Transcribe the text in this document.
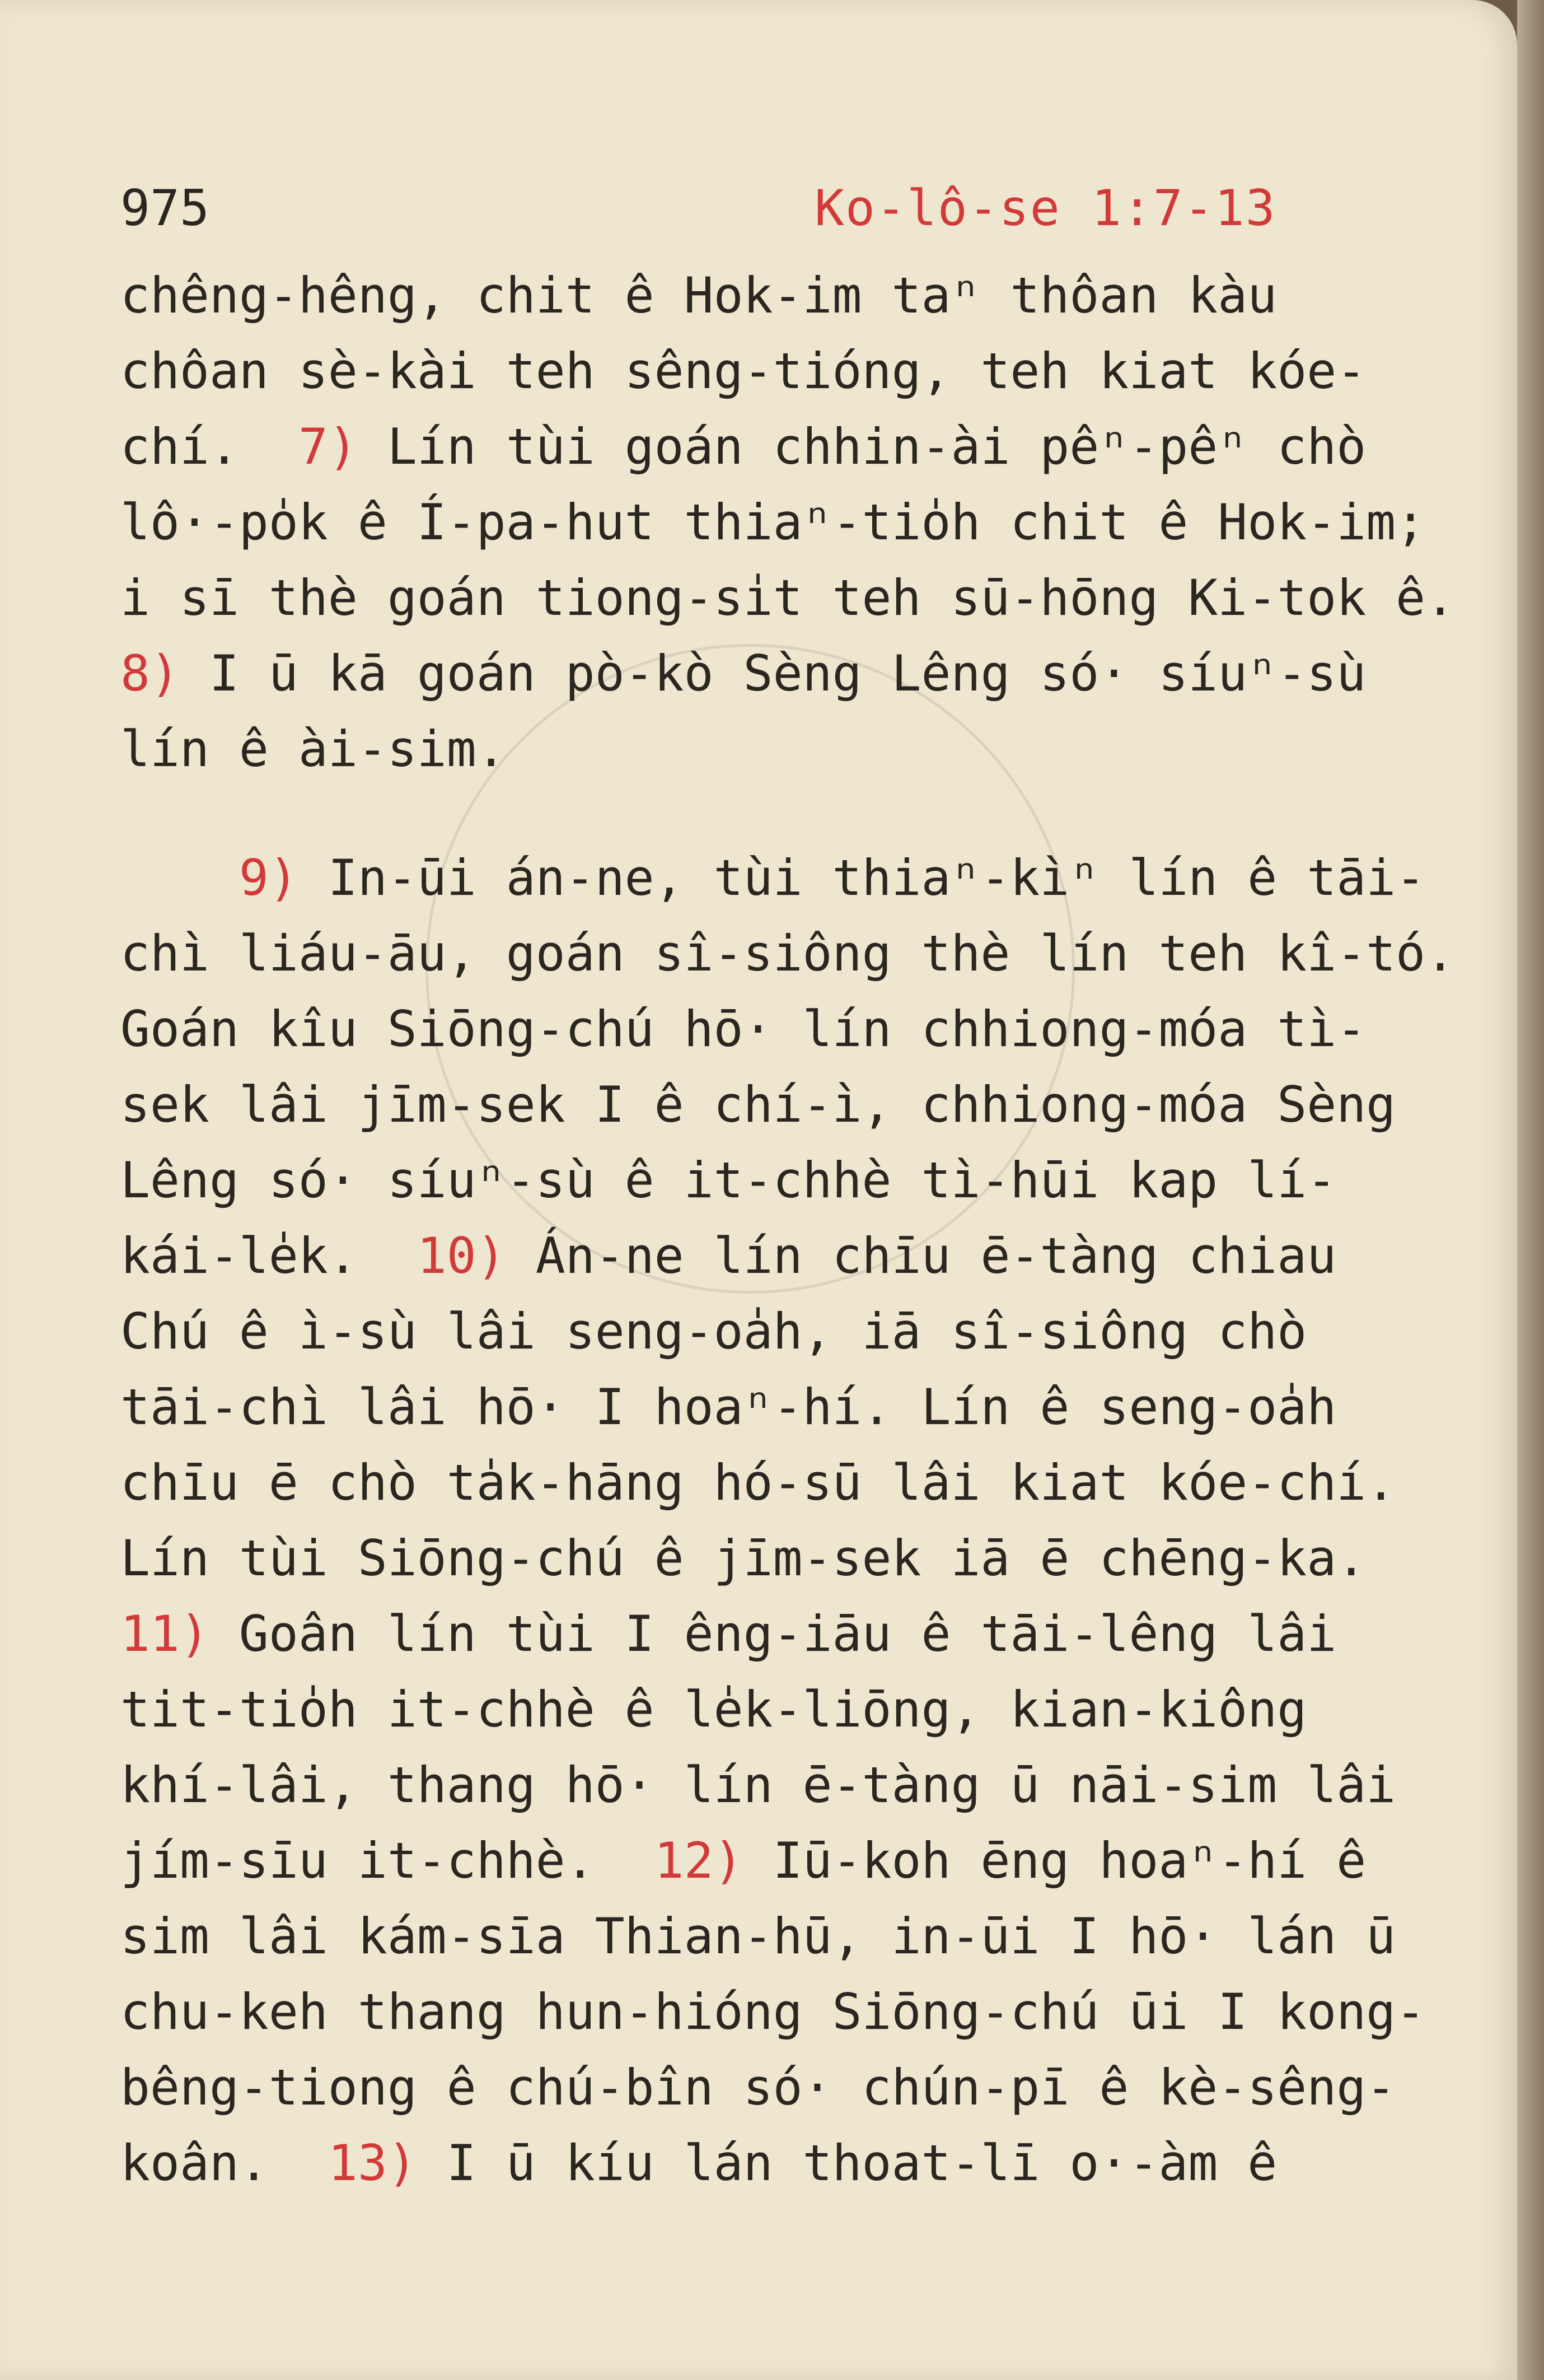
975	Ko-lô-se 1:7-13
chêng-hêng, chit ê Hok-im taⁿ thôan kàu
chôan sè-kài teh sêng-tióng, teh kiat kóe-
chí.  7) Lín tùi goán chhin-ài pêⁿ-pêⁿ chò
lô·-po̍k ê Í-pa-hut thiaⁿ-tio̍h chit ê Hok-im;
i sī thè goán tiong-si̍t teh sū-hōng Ki-tok ê.
8) I ū kā goán pò-kò Sèng Lêng só· síuⁿ-sù
lín ê ài-sim.
9) In-ūi án-ne, tùi thiaⁿ-kìⁿ lín ê tāi-
chì liáu-āu, goán sî-siông thè lín teh kî-tó.
Goán kîu Siōng-chú hō· lín chhiong-móa tì-
sek lâi jīm-sek I ê chí-ì, chhiong-móa Sèng
Lêng só· síuⁿ-sù ê it-chhè tì-hūi kap lí-
kái-le̍k.  10) Án-ne lín chīu ē-tàng chiau
Chú ê ì-sù lâi seng-oa̍h, iā sî-siông chò
tāi-chì lâi hō· I hoaⁿ-hí. Lín ê seng-oa̍h
chīu ē chò ta̍k-hāng hó-sū lâi kiat kóe-chí.
Lín tùi Siōng-chú ê jīm-sek iā ē chēng-ka.
11) Goân lín tùi I êng-iāu ê tāi-lêng lâi
tit-tio̍h it-chhè ê le̍k-liōng, kian-kiông
khí-lâi, thang hō· lín ē-tàng ū nāi-sim lâi
jím-sīu it-chhè.  12) Iū-koh ēng hoaⁿ-hí ê
sim lâi kám-sīa Thian-hū, in-ūi I hō· lán ū
chu-keh thang hun-hióng Siōng-chú ūi I kong-
bêng-tiong ê chú-bîn só· chún-pī ê kè-sêng-
koân.  13) I ū kíu lán thoat-lī o·-àm ê
